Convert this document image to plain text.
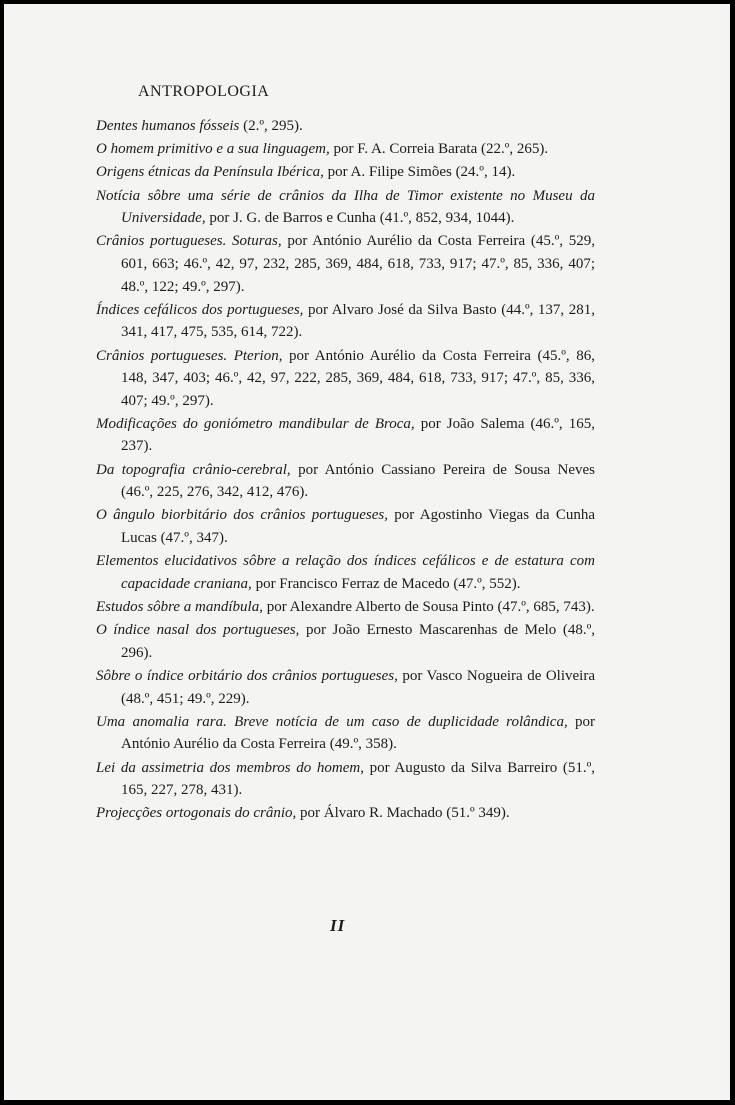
ANTROPOLOGIA

Dentes humanos fósseis (2.º, 295).

O homem primitivo e a sua linguagem, por F. A. Correia Barata (22.º, 265).

Origens étnicas da Península Ibérica, por A. Filipe Simões (24.º, 14).

Notícia sôbre uma série de crânios da Ilha de Timor existente no Museu da Universidade, por J. G. de Barros e Cunha (41.º, 852, 934, 1044).

Crânios portugueses. Soturas, por António Aurélio da Costa Ferreira (45.º, 529, 601, 663; 46.º, 42, 97, 232, 285, 369, 484, 618, 733, 917; 47.º, 85, 336, 407; 48.º, 122; 49.º, 297).

Índices cefálicos dos portugueses, por Alvaro José da Silva Basto (44.º, 137, 281, 341, 417, 475, 535, 614, 722).

Crânios portugueses. Pterion, por António Aurélio da Costa Ferreira (45.º, 86, 148, 347, 403; 46.º, 42, 97, 222, 285, 369, 484, 618, 733, 917; 47.º, 85, 336, 407; 49.º, 297).

Modificações do goniómetro mandibular de Broca, por João Salema (46.º, 165, 237).

Da topografia crânio-cerebral, por António Cassiano Pereira de Sousa Neves (46.º, 225, 276, 342, 412, 476).

O ângulo biorbitário dos crânios portugueses, por Agostinho Viegas da Cunha Lucas (47.º, 347).

Elementos elucidativos sôbre a relação dos índices cefálicos e de estatura com capacidade craniana, por Francisco Ferraz de Macedo (47.º, 552).

Estudos sôbre a mandíbula, por Alexandre Alberto de Sousa Pinto (47.º, 685, 743).

O índice nasal dos portugueses, por João Ernesto Mascarenhas de Melo (48.º, 296).

Sôbre o índice orbitário dos crânios portugueses, por Vasco Nogueira de Oliveira (48.º, 451; 49.º, 229).

Uma anomalia rara. Breve notícia de um caso de duplicidade rolândica, por António Aurélio da Costa Ferreira (49.º, 358).

Lei da assimetria dos membros do homem, por Augusto da Silva Barreiro (51.º, 165, 227, 278, 431).

Projecções ortogonais do crânio, por Álvaro R. Machado (51.º 349).

II
